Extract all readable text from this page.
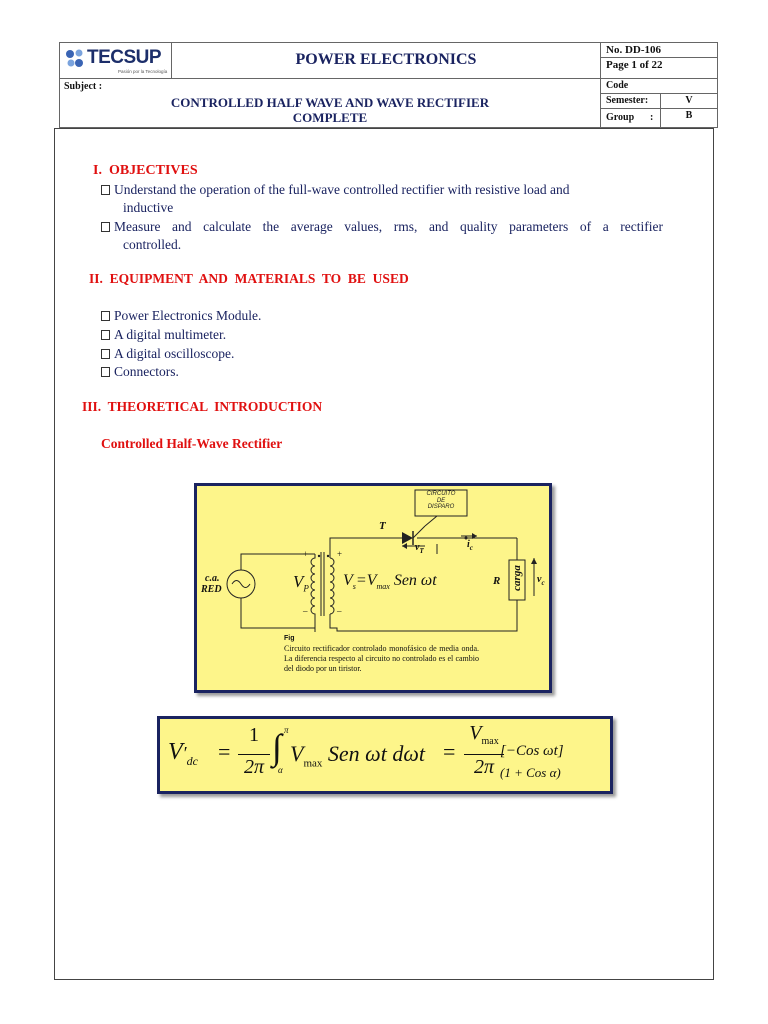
TECSUP
Pasión por la Tecnología
POWER ELECTRONICS
No. DD-106
Page 1 of 22
Subject :
CONTROLLED HALF WAVE AND WAVE RECTIFIER
COMPLETE
Code
Semester:	V
Group :	B
I.  OBJECTIVES
Understand the operation of the full-wave controlled rectifier with resistive load and
inductive
Measure and calculate the average values, rms, and quality parameters of a rectifier
controlled.
II.  EQUIPMENT  AND  MATERIALS  TO  BE  USED
Power Electronics Module.
A digital multimeter.
A digital oscilloscope.
Connectors.
III.  THEORETICAL  INTRODUCTION
Controlled Half-Wave Rectifier
CIRCUITO
DE
DISPARO
c.a.
RED	$V_P$
+
–
+
–
$V_s=V_{max}$ Sen ωt
T
$v_T$
$i_c$
R carga $v_c$
Fig
Circuito rectificador controlado monofásico de media onda. La diferencia respecto al circuito no controlado es el cambio del diodo por un tiristor.
$V'_{dc}$ =
1
2π ∫ π
α
$V_{max}$ Sen ωt dωt =
$V_{max}$
2π
[−Cos ωt]
(1 + Cos α)
